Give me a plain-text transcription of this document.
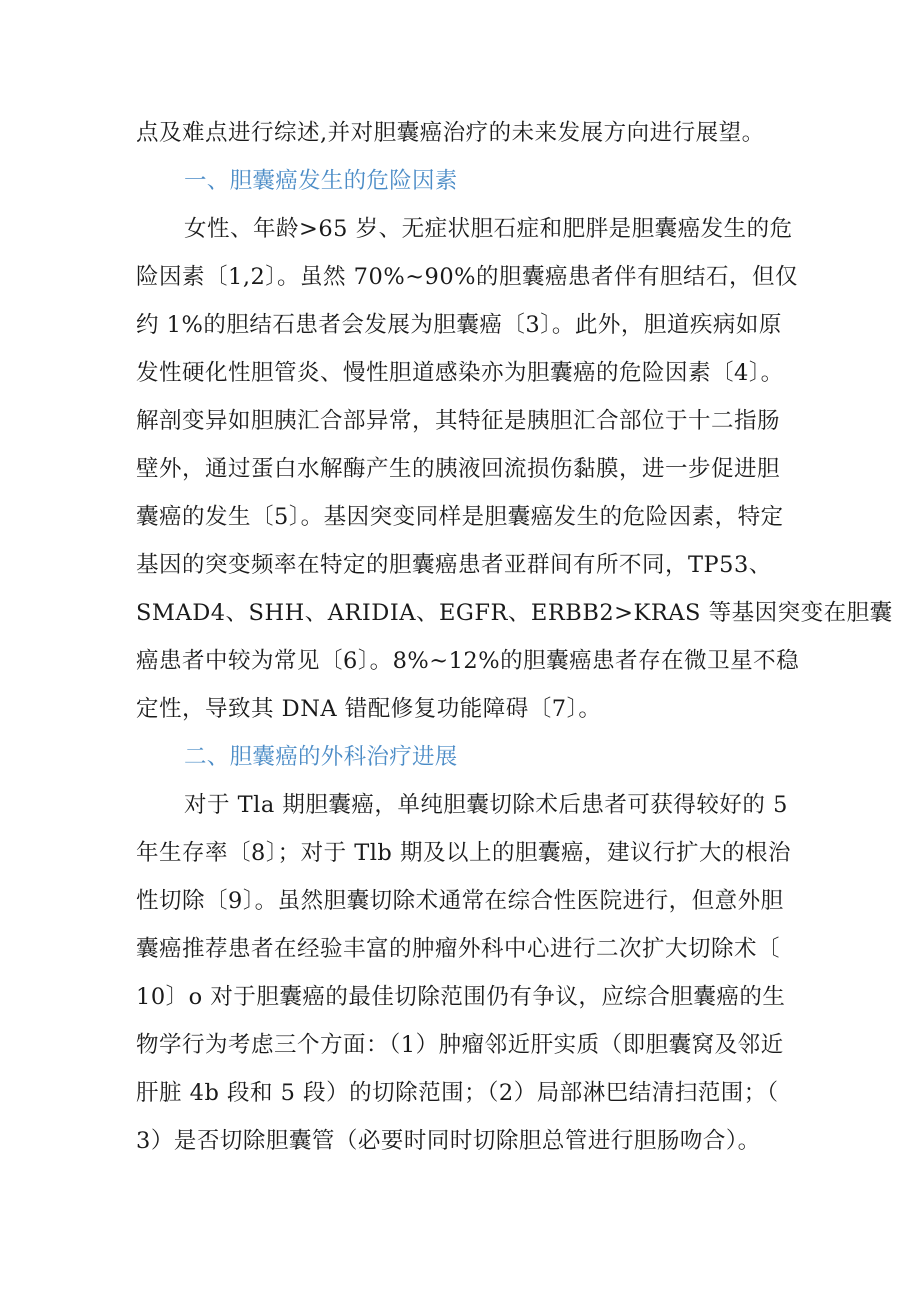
点及难点进行综述,并对胆囊癌治疗的未来发展方向进行展望。

一、胆囊癌发生的危险因素

女性、年龄>65 岁、无症状胆石症和肥胖是胆囊癌发生的危

险因素〔1,2〕。虽然 70%~90%的胆囊癌患者伴有胆结石，但仅

约 1%的胆结石患者会发展为胆囊癌〔3〕。此外，胆道疾病如原

发性硬化性胆管炎、慢性胆道感染亦为胆囊癌的危险因素〔4〕。

解剖变异如胆胰汇合部异常，其特征是胰胆汇合部位于十二指肠

壁外，通过蛋白水解酶产生的胰液回流损伤黏膜，进一步促进胆

囊癌的发生〔5〕。基因突变同样是胆囊癌发生的危险因素，特定

基因的突变频率在特定的胆囊癌患者亚群间有所不同，TP53、

SMAD4、SHH、ARIDIA、EGFR、ERBB2>KRAS 等基因突变在胆囊

癌患者中较为常见〔6〕。8%~12%的胆囊癌患者存在微卫星不稳

定性，导致其 DNA 错配修复功能障碍〔7〕。

二、胆囊癌的外科治疗进展

对于 Tla 期胆囊癌，单纯胆囊切除术后患者可获得较好的 5

年生存率〔8〕；对于 Tlb 期及以上的胆囊癌，建议行扩大的根治

性切除〔9〕。虽然胆囊切除术通常在综合性医院进行，但意外胆

囊癌推荐患者在经验丰富的肿瘤外科中心进行二次扩大切除术〔

10〕o 对于胆囊癌的最佳切除范围仍有争议，应综合胆囊癌的生

物学行为考虑三个方面：（1）肿瘤邻近肝实质（即胆囊窝及邻近

肝脏 4b 段和 5 段）的切除范围；（2）局部淋巴结清扫范围；（

3）是否切除胆囊管（必要时同时切除胆总管进行胆肠吻合）。
